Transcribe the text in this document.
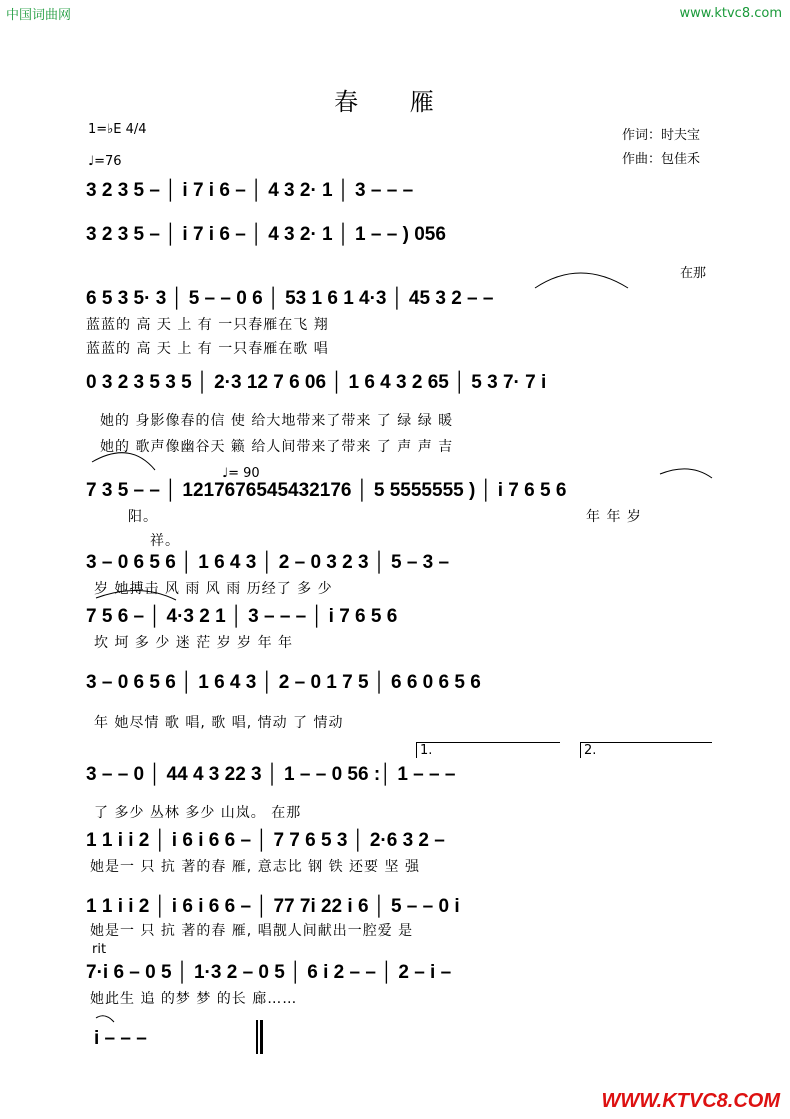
中国词曲网	www.ktvc8.com
春 雁
1=♭E 4/4
♩=76
作词：时夫宝
作曲：包佳禾
3 2 3 5 – │ i 7 i 6 – │ 4 3 2· 1 │ 3 – – –
3 2 3 5 – │ i 7 i 6 – │ 4 3 2· 1 │ 1 – – ) 056
在那
6 5 3 5· 3 │ 5 – – 0 6 │ 53 1 6 1 4·3 │ 45 3 2 – –
蓝蓝的 高 天 上 有 一只春雁在飞 翔
蓝蓝的 高 天 上 有 一只春雁在歌 唱
0 3 2 3 5 3 5 │ 2·3 12 7 6 06 │ 1 6 4 3 2 65 │ 5 3 7· 7 i
她的 身影像春的信 使 给大地带来了带来 了 绿 绿 暖
她的 歌声像幽谷天 籁 给人间带来了带来 了 声 声 吉
♩= 90
7 3 5 – – │ 1217676545432176 │ 5 5555555 ) │ i 7 6 5 6
阳。	年 年 岁
祥。
3 – 0 6 5 6 │ 1 6 4 3 │ 2 – 0 3 2 3 │ 5 – 3 –
岁 她搏击 风 雨 风 雨 历经了 多 少
7 5 6 – │ 4·3 2 1 │ 3 – – – │ i 7 6 5 6
坎 坷 多 少 迷 茫 岁 岁 年 年
3 – 0 6 5 6 │ 1 6 4 3 │ 2 – 0 1 7 5 │ 6 6 0 6 5 6
年 她尽情 歌 唱, 歌 唱, 情动 了 情动
1.	2.
3 – – 0 │ 44 4 3 22 3 │ 1 – – 0 56 :│ 1 – – –
了 多少 丛林 多少 山岚。 在那
1 1 i i 2 │ i 6 i 6 6 – │ 7 7 6 5 3 │ 2·6 3 2 –
她是一 只 抗 著的春 雁, 意志比 钢 铁 还要 坚 强
1 1 i i 2 │ i 6 i 6 6 – │ 77 7i 22 i 6 │ 5 – – 0 i
她是一 只 抗 著的春 雁, 唱靓人间献出一腔爱 是
rit
7·i 6 – 0 5 │ 1·3 2 – 0 5 │ 6 i 2 – – │ 2 – i –
她此生 追 的梦 梦 的长 廊……
i – – –
WWW.KTVC8.COM
